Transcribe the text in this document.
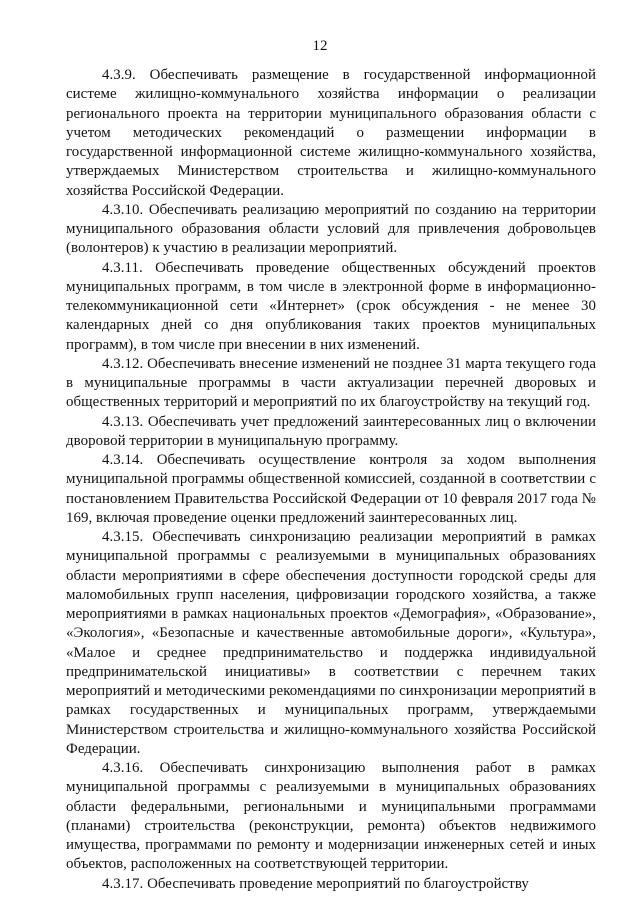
12

4.3.9. Обеспечивать размещение в государственной информационной системе жилищно-коммунального хозяйства информации о реализации регионального проекта на территории муниципального образования области с учетом методических рекомендаций о размещении информации в государственной информационной системе жилищно-коммунального хозяйства, утверждаемых Министерством строительства и жилищно-коммунального хозяйства Российской Федерации.

4.3.10. Обеспечивать реализацию мероприятий по созданию на территории муниципального образования области условий для привлечения добровольцев (волонтеров) к участию в реализации мероприятий.

4.3.11. Обеспечивать проведение общественных обсуждений проектов муниципальных программ, в том числе в электронной форме в информационно-телекоммуникационной сети «Интернет» (срок обсуждения - не менее 30 календарных дней со дня опубликования таких проектов муниципальных программ), в том числе при внесении в них изменений.

4.3.12. Обеспечивать внесение изменений не позднее 31 марта текущего года в муниципальные программы в части актуализации перечней дворовых и общественных территорий и мероприятий по их благоустройству на текущий год.

4.3.13. Обеспечивать учет предложений заинтересованных лиц о включении дворовой территории в муниципальную программу.

4.3.14. Обеспечивать осуществление контроля за ходом выполнения муниципальной программы общественной комиссией, созданной в соответствии с постановлением Правительства Российской Федерации от 10 февраля 2017 года № 169, включая проведение оценки предложений заинтересованных лиц.

4.3.15. Обеспечивать синхронизацию реализации мероприятий в рамках муниципальной программы с реализуемыми в муниципальных образованиях области мероприятиями в сфере обеспечения доступности городской среды для маломобильных групп населения, цифровизации городского хозяйства, а также мероприятиями в рамках национальных проектов «Демография», «Образование», «Экология», «Безопасные и качественные автомобильные дороги», «Культура», «Малое и среднее предпринимательство и поддержка индивидуальной предпринимательской инициативы» в соответствии с перечнем таких мероприятий и методическими рекомендациями по синхронизации мероприятий в рамках государственных и муниципальных программ, утверждаемыми Министерством строительства и жилищно-коммунального хозяйства Российской Федерации.

4.3.16. Обеспечивать синхронизацию выполнения работ в рамках муниципальной программы с реализуемыми в муниципальных образованиях области федеральными, региональными и муниципальными программами (планами) строительства (реконструкции, ремонта) объектов недвижимого имущества, программами по ремонту и модернизации инженерных сетей и иных объектов, расположенных на соответствующей территории.

4.3.17. Обеспечивать проведение мероприятий по благоустройству
